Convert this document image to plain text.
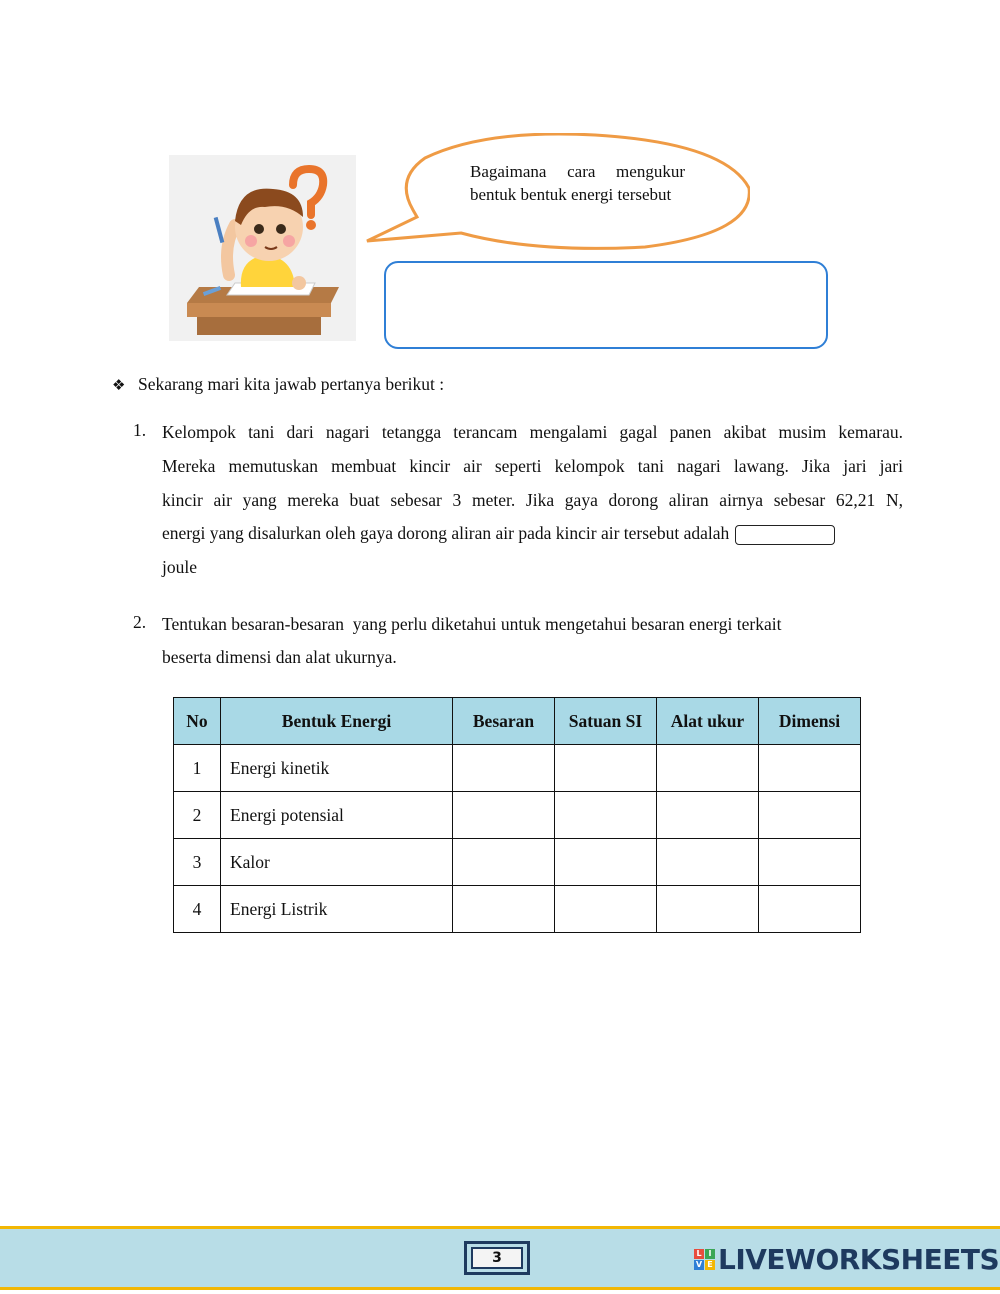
Bagaimana cara mengukur bentuk bentuk energi tersebut
❖ Sekarang mari kita jawab pertanya berikut :
1. Kelompok tani dari nagari tetangga terancam mengalami gagal panen akibat musim kemarau.
Mereka memutuskan membuat kincir air seperti kelompok tani nagari lawang. Jika jari jari
kincir air yang mereka buat sebesar 3 meter. Jika gaya dorong aliran airnya sebesar 62,21 N,
energi yang disalurkan oleh gaya dorong aliran air pada kincir air tersebut adalah
joule
2. Tentukan besaran-besaran  yang perlu diketahui untuk mengetahui besaran energi terkait
beserta dimensi dan alat ukurnya.
No	Bentuk Energi	Besaran	Satuan SI	Alat ukur	Dimensi
1	Energi kinetik				
2	Energi potensial				
3	Kalor				
4	Energi Listrik				
3	L I
V E LIVEWORKSHEETS
